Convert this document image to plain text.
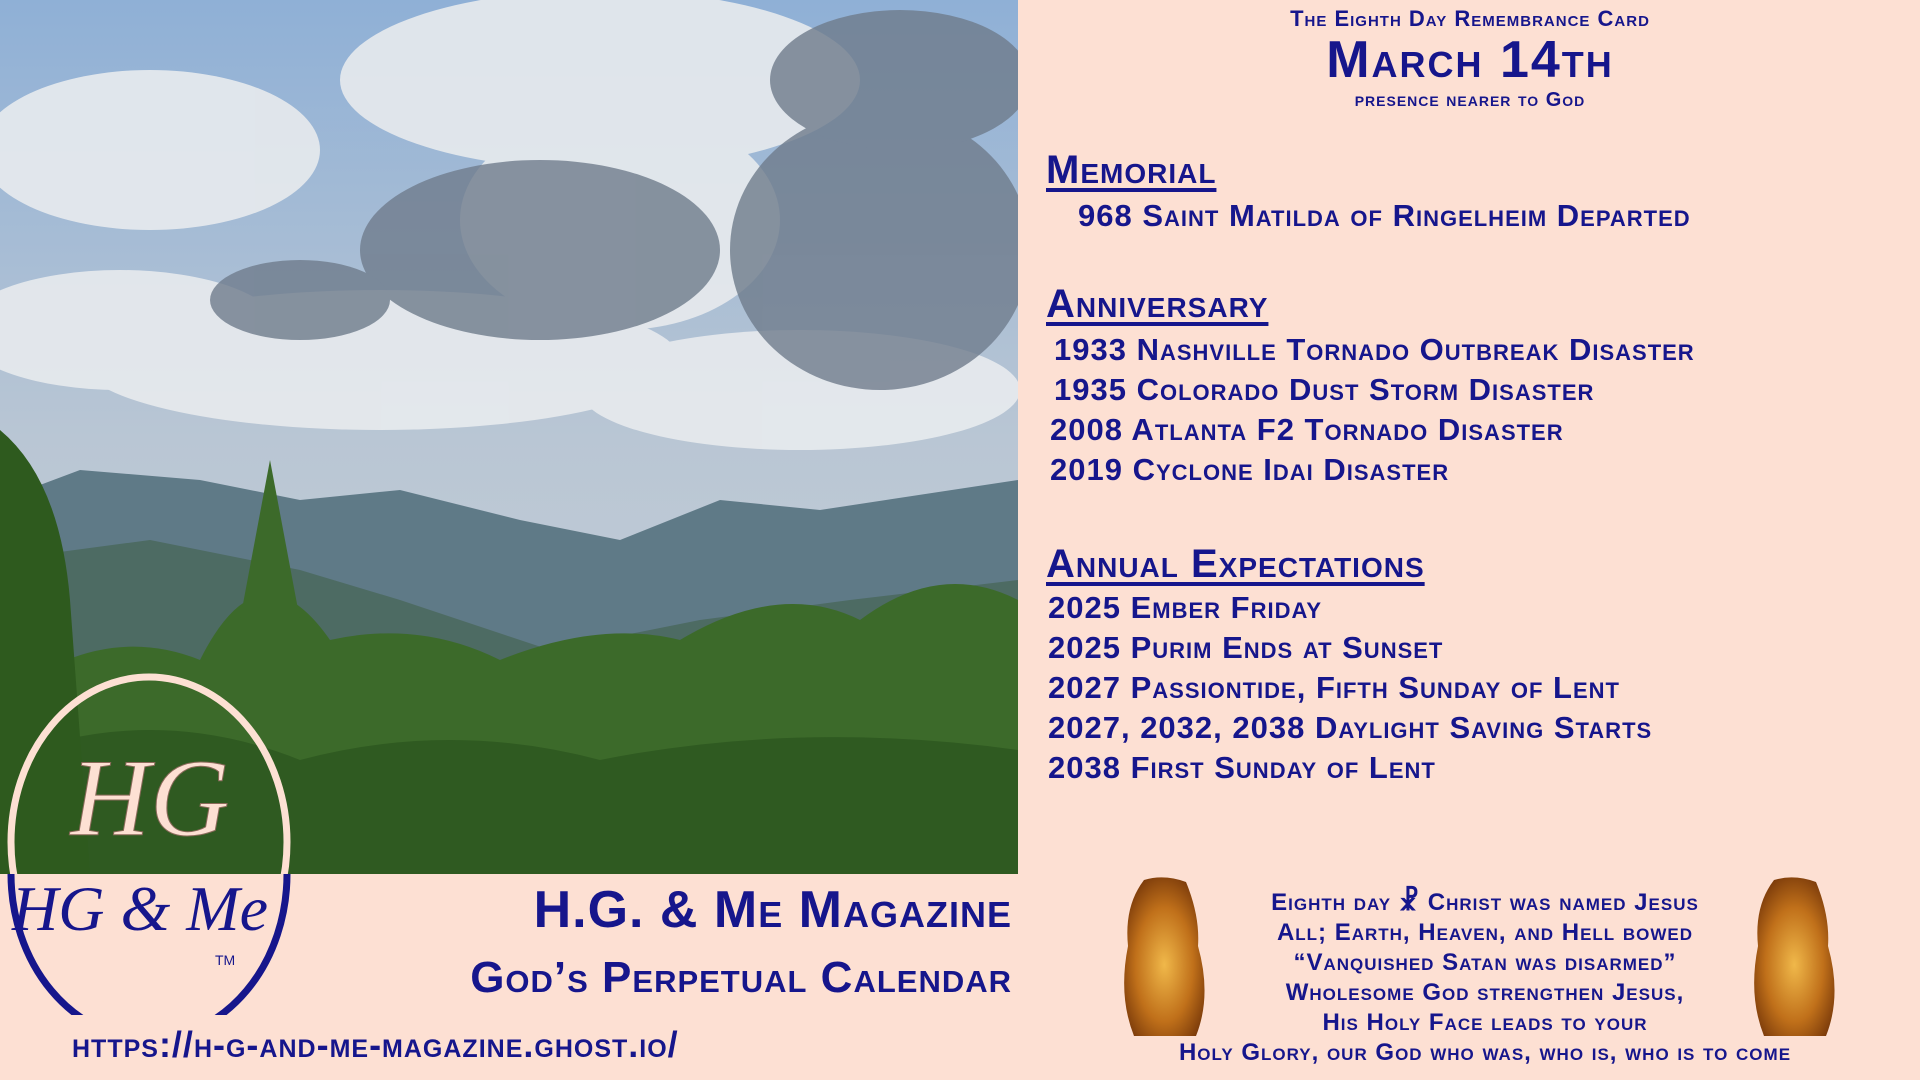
The Eighth Day Remembrance Card
March 14th
presence nearer to God
Memorial
968 Saint Matilda of Ringelheim Departed
Anniversary
1933 Nashville Tornado Outbreak Disaster
1935 Colorado Dust Storm Disaster
2008 Atlanta F2 Tornado Disaster
2019 Cyclone Idai Disaster
Annual Expectations
2025 Ember Friday
2025 Purim Ends at Sunset
2027 Passiontide, Fifth Sunday of Lent
2027, 2032, 2038 Daylight Saving Starts
2038 First Sunday of Lent
HG
HG & Me
TM
H.G. & Me Magazine
God’s Perpetual Calendar
https://h-g-and-me-magazine.ghost.io/
Eighth day ☧ Christ was named Jesus
All; Earth, Heaven, and Hell bowed
“Vanquished Satan was disarmed”
Wholesome God strengthen Jesus,
His Holy Face leads to your
Holy Glory, our God who was, who is, who is to come
